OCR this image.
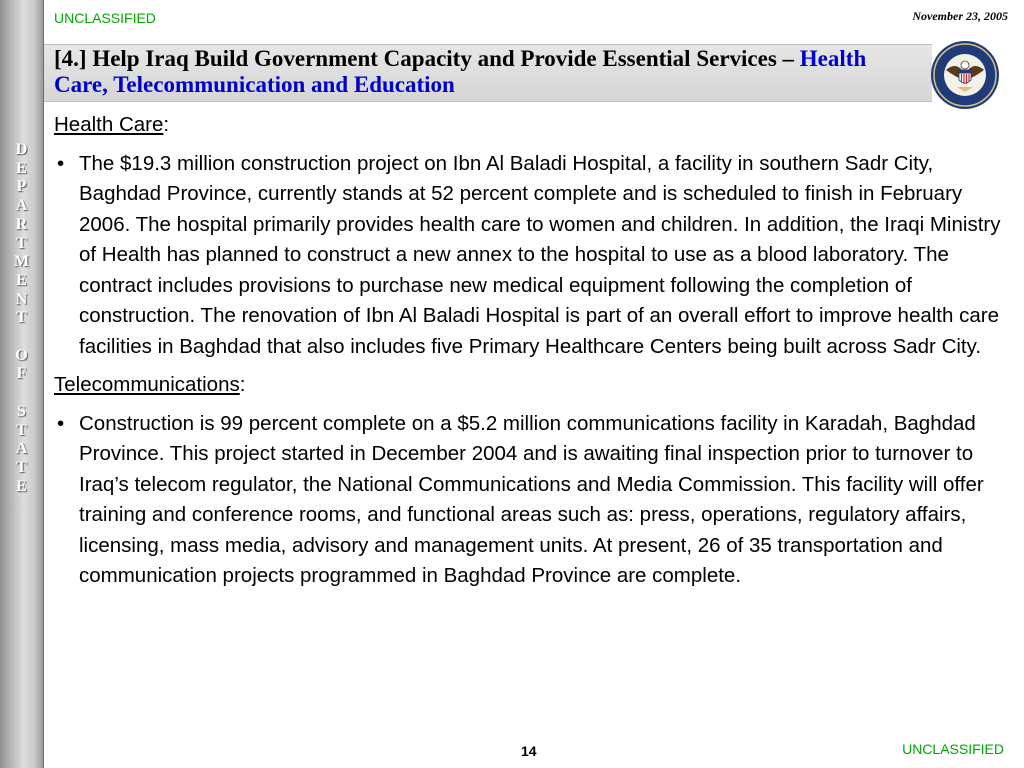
D
E
P
A
R
T
M
E
N
T
O
F
S
T
A
T
E
UNCLASSIFIED	November 23, 2005
[4.] Help Iraq Build Government Capacity and Provide Essential Services – Health Care, Telecommunication and Education

Health Care:

• The $19.3 million construction project on Ibn Al Baladi Hospital, a facility in southern Sadr City, Baghdad Province, currently stands at 52 percent complete and is scheduled to finish in February 2006. The hospital primarily provides health care to women and children. In addition, the Iraqi Ministry of Health has planned to construct a new annex to the hospital to use as a blood laboratory. The contract includes provisions to purchase new medical equipment following the completion of construction. The renovation of Ibn Al Baladi Hospital is part of an overall effort to improve health care facilities in Baghdad that also includes five Primary Healthcare Centers being built across Sadr City.

Telecommunications:

• Construction is 99 percent complete on a $5.2 million communications facility in Karadah, Baghdad Province. This project started in December 2004 and is awaiting final inspection prior to turnover to Iraq’s telecom regulator, the National Communications and Media Commission. This facility will offer training and conference rooms, and functional areas such as: press, operations, regulatory affairs, licensing, mass media, advisory and management units. At present, 26 of 35 transportation and communication projects programmed in Baghdad Province are complete.
14	UNCLASSIFIED
